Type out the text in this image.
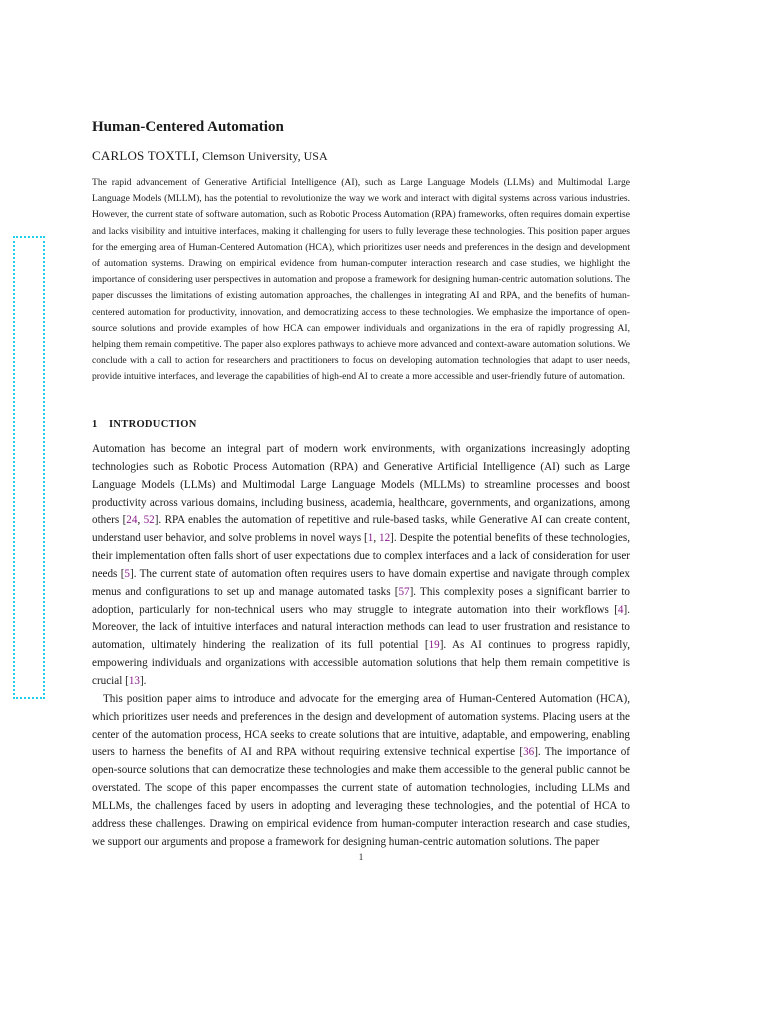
Human-Centered Automation
CARLOS TOXTLI, Clemson University, USA

The rapid advancement of Generative Artificial Intelligence (AI), such as Large Language Models (LLMs) and Multimodal Large Language Models (MLLM), has the potential to revolutionize the way we work and interact with digital systems across various industries. However, the current state of software automation, such as Robotic Process Automation (RPA) frameworks, often requires domain expertise and lacks visibility and intuitive interfaces, making it challenging for users to fully leverage these technologies. This position paper argues for the emerging area of Human-Centered Automation (HCA), which prioritizes user needs and preferences in the design and development of automation systems. Drawing on empirical evidence from human-computer interaction research and case studies, we highlight the importance of considering user perspectives in automation and propose a framework for designing human-centric automation solutions. The paper discusses the limitations of existing automation approaches, the challenges in integrating AI and RPA, and the benefits of human-centered automation for productivity, innovation, and democratizing access to these technologies. We emphasize the importance of open-source solutions and provide examples of how HCA can empower individuals and organizations in the era of rapidly progressing AI, helping them remain competitive. The paper also explores pathways to achieve more advanced and context-aware automation solutions. We conclude with a call to action for researchers and practitioners to focus on developing automation technologies that adapt to user needs, provide intuitive interfaces, and leverage the capabilities of high-end AI to create a more accessible and user-friendly future of automation.

1 INTRODUCTION

Automation has become an integral part of modern work environments, with organizations increasingly adopting technologies such as Robotic Process Automation (RPA) and Generative Artificial Intelligence (AI) such as Large Language Models (LLMs) and Multimodal Large Language Models (MLLMs) to streamline processes and boost productivity across various domains, including business, academia, healthcare, governments, and organizations, among others [24, 52]. RPA enables the automation of repetitive and rule-based tasks, while Generative AI can create content, understand user behavior, and solve problems in novel ways [1, 12]. Despite the potential benefits of these technologies, their implementation often falls short of user expectations due to complex interfaces and a lack of consideration for user needs [5]. The current state of automation often requires users to have domain expertise and navigate through complex menus and configurations to set up and manage automated tasks [57]. This complexity poses a significant barrier to adoption, particularly for non-technical users who may struggle to integrate automation into their workflows [4]. Moreover, the lack of intuitive interfaces and natural interaction methods can lead to user frustration and resistance to automation, ultimately hindering the realization of its full potential [19]. As AI continues to progress rapidly, empowering individuals and organizations with accessible automation solutions that help them remain competitive is crucial [13].

This position paper aims to introduce and advocate for the emerging area of Human-Centered Automation (HCA), which prioritizes user needs and preferences in the design and development of automation systems. Placing users at the center of the automation process, HCA seeks to create solutions that are intuitive, adaptable, and empowering, enabling users to harness the benefits of AI and RPA without requiring extensive technical expertise [36]. The importance of open-source solutions that can democratize these technologies and make them accessible to the general public cannot be overstated. The scope of this paper encompasses the current state of automation technologies, including LLMs and MLLMs, the challenges faced by users in adopting and leveraging these technologies, and the potential of HCA to address these challenges. Drawing on empirical evidence from human-computer interaction research and case studies, we support our arguments and propose a framework for designing human-centric automation solutions. The paper

1
